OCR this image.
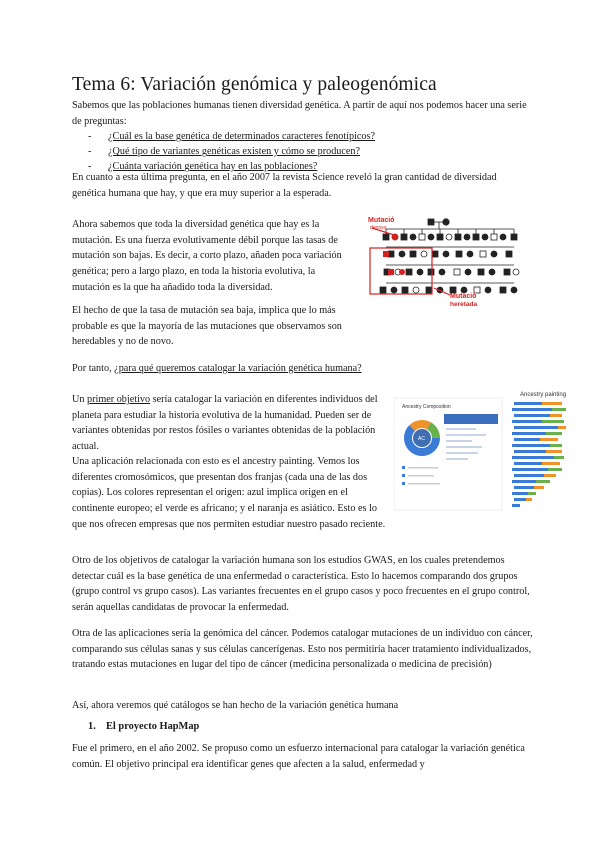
Tema 6: Variación genómica y paleogenómica

Sabemos que las poblaciones humanas tienen diversidad genética. A partir de aquí nos podemos hacer una serie de preguntas:

- ¿Cuál es la base genética de determinados caracteres fenotípicos?
- ¿Qué tipo de variantes genéticas existen y cómo se producen?
- ¿Cuánta variación genética hay en las poblaciones?

En cuanto a esta última pregunta, en el año 2007 la revista Science reveló la gran cantidad de diversidad genética humana que hay, y que era muy superior a la esperada.

Ahora sabemos que toda la diversidad genética que hay es la mutación. Es una fuerza evolutivamente débil porque las tasas de mutación son bajas. Es decir, a corto plazo, añaden poca variación genética; pero a largo plazo, en toda la historia evolutiva, la mutación es la que ha añadido toda la diversidad.

El hecho de que la tasa de mutación sea baja, implica que lo más probable es que la mayoría de las mutaciones que observamos son heredables y no de novo.

Mutació
denovo
Mutació
heretada

Por tanto, ¿para qué queremos catalogar la variación genética humana?

Un primer objetivo sería catalogar la variación en diferentes individuos del planeta para estudiar la historia evolutiva de la humanidad. Pueden ser de variantes obtenidas por restos fósiles o variantes obtenidas de la población actual.

Una aplicación relacionada con esto es el ancestry painting. Vemos los diferentes cromosómicos, que presentan dos franjas (cada una de las dos copias). Los colores representan el origen: azul implica origen en el continente europeo; el verde es africano; y el naranja es asiático. Esto es lo que nos ofrecen empresas que nos permiten estudiar nuestro pasado reciente.

Ancestry Composition
AC
Ancestry painting

Otro de los objetivos de catalogar la variación humana son los estudios GWAS, en los cuales pretendemos detectar cuál es la base genética de una enfermedad o característica. Esto lo hacemos comparando dos grupos (grupo control vs grupo casos). Las variantes frecuentes en el grupo casos y poco frecuentes en el grupo control, serán aquellas candidatas de provocar la enfermedad.

Otra de las aplicaciones sería la genómica del cáncer. Podemos catalogar mutaciones de un individuo con cáncer, comparando sus células sanas y sus células cancerígenas. Esto nos permitiría hacer tratamiento individualizados, tratando estas mutaciones en lugar del tipo de cáncer (medicina personalizada o medicina de precisión)

Así, ahora veremos qué catálogos se han hecho de la variación genética humana

1. El proyecto HapMap

Fue el primero, en el año 2002. Se propuso como un esfuerzo internacional para catalogar la variación genética común. El objetivo principal era identificar genes que afecten a la salud, enfermedad y
